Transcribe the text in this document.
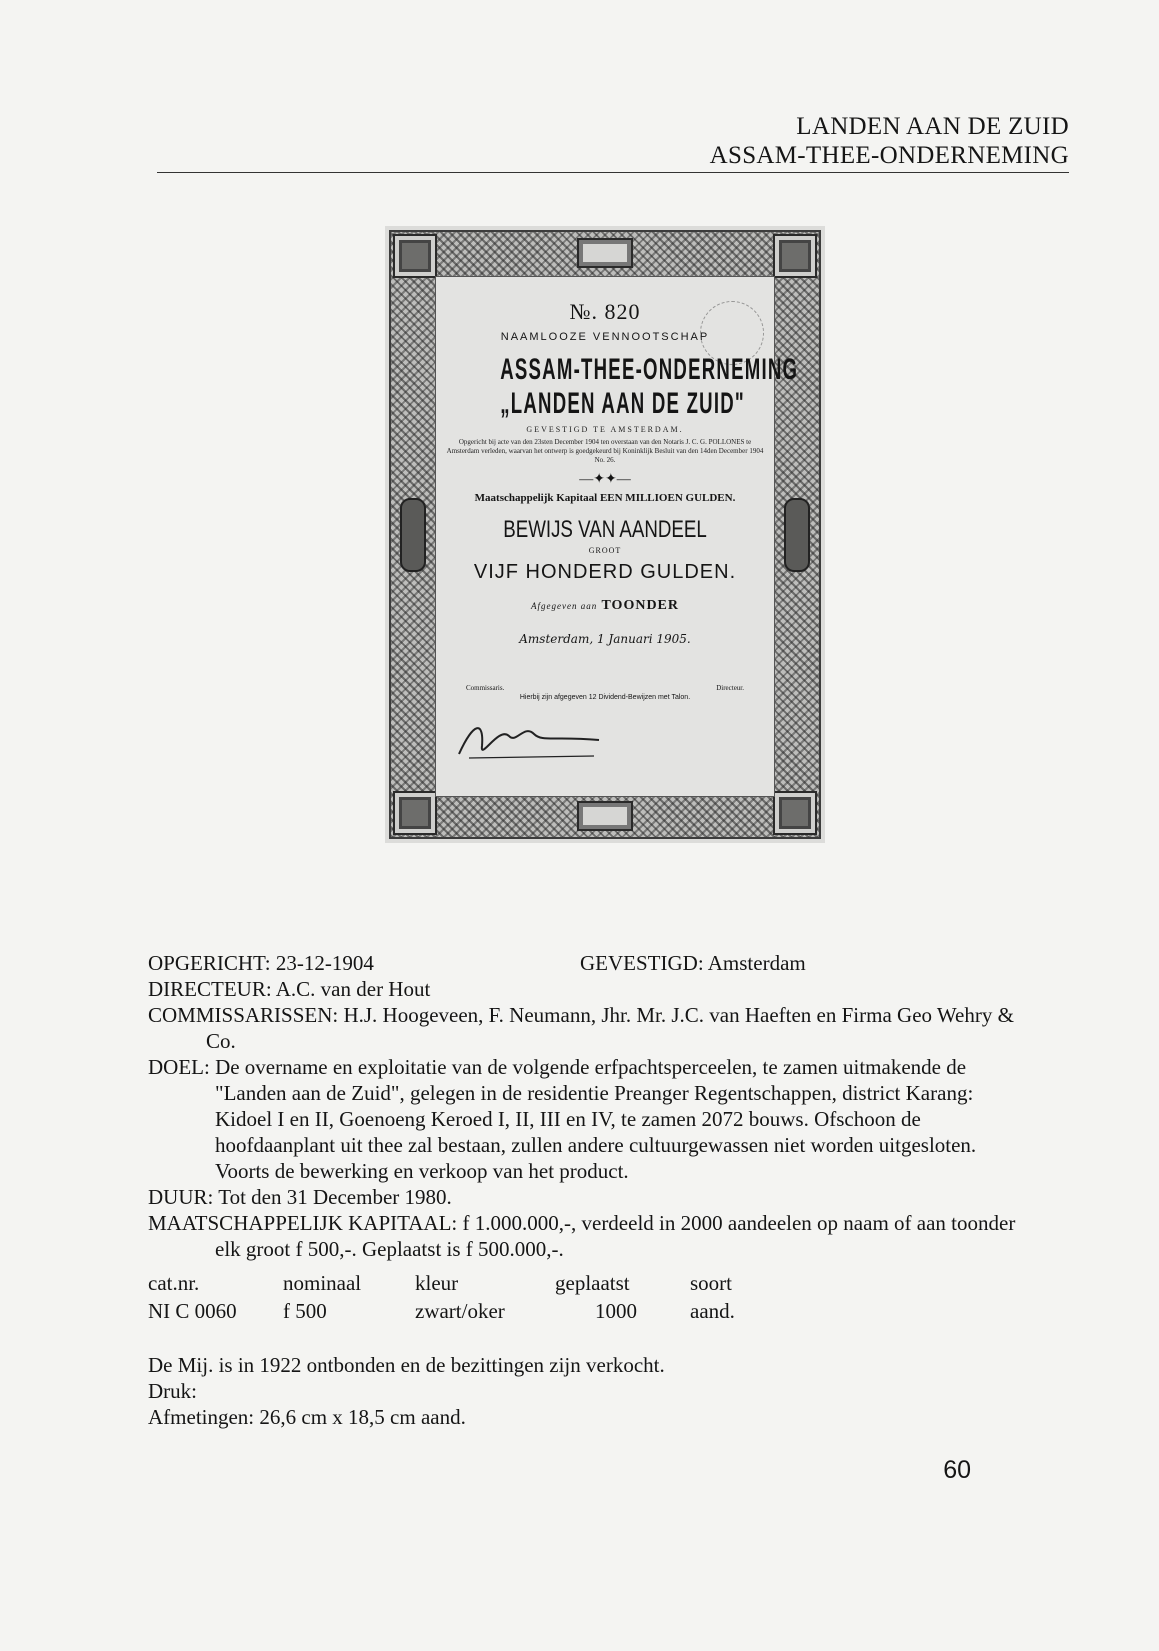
LANDEN AAN DE ZUID
ASSAM-THEE-ONDERNEMING
№. 820
NAAMLOOZE VENNOOTSCHAP
ASSAM-THEE-ONDERNEMING
„LANDEN AAN DE ZUID"
GEVESTIGD TE AMSTERDAM.
Opgericht bij acte van den 23sten December 1904 ten overstaan van den Notaris J. C. G. POLLONES te Amsterdam verleden, waarvan het ontwerp is goedgekeurd bij Koninklijk Besluit van den 14den December 1904 No. 26.
—✦✦—
Maatschappelijk Kapitaal EEN MILLIOEN GULDEN.
BEWIJS VAN AANDEEL
GROOT
VIJF HONDERD GULDEN.
Afgegeven aan TOONDER
Amsterdam, 1 Januari 1905.
Commissaris.	Directeur.
Hierbij zijn afgegeven 12 Dividend-Bewijzen met Talon.
OPGERICHT: 23-12-1904	GEVESTIGD: Amsterdam

DIRECTEUR: A.C. van der Hout

COMMISSARISSEN: H.J. Hoogeveen, F. Neumann, Jhr. Mr. J.C. van Haeften en Firma Geo Wehry & Co.

DOEL: De overname en exploitatie van de volgende erfpachtsperceelen, te zamen uitmakende de "Landen aan de Zuid", gelegen in de residentie Preanger Regentschappen, district Karang: Kidoel I en II, Goenoeng Keroed I, II, III en IV, te zamen 2072 bouws. Ofschoon de hoofdaanplant uit thee zal bestaan, zullen andere cultuurgewassen niet worden uitgesloten. Voorts de bewerking en verkoop van het product.

DUUR: Tot den 31 December 1980.

MAATSCHAPPELIJK KAPITAAL: f 1.000.000,-, verdeeld in 2000 aandeelen op naam of aan toonder elk groot f 500,-. Geplaatst is f 500.000,-.

cat.nr.	nominaal	kleur	geplaatst	soort
NI C 0060	f 500	zwart/oker	1000	aand.
De Mij. is in 1922 ontbonden en de bezittingen zijn verkocht.
Druk:
Afmetingen: 26,6 cm x 18,5 cm aand.
60
